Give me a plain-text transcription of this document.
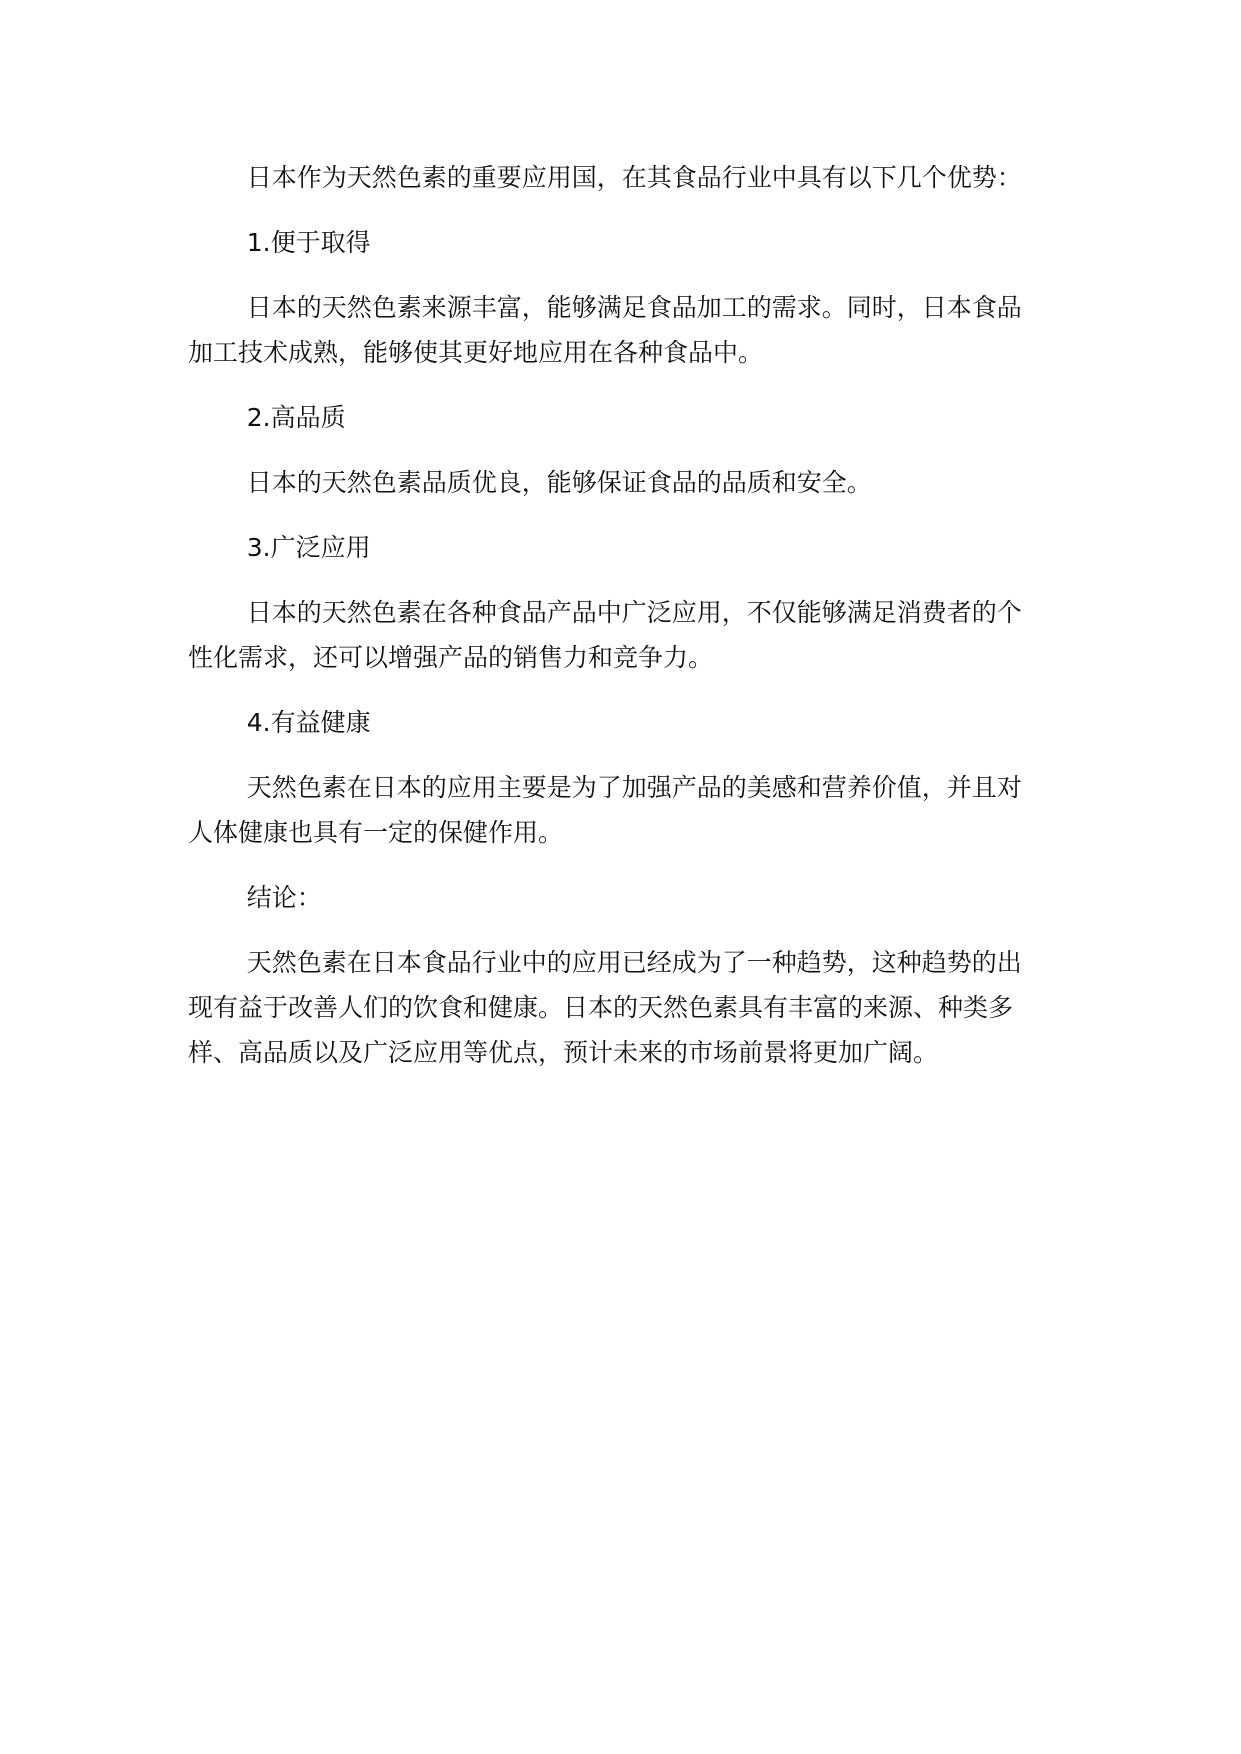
日本作为天然色素的重要应用国，在其食品行业中具有以下几个优势：

1.便于取得

日本的天然色素来源丰富，能够满足食品加工的需求。同时，日本食品加工技术成熟，能够使其更好地应用在各种食品中。

2.高品质

日本的天然色素品质优良，能够保证食品的品质和安全。

3.广泛应用

日本的天然色素在各种食品产品中广泛应用，不仅能够满足消费者的个性化需求，还可以增强产品的销售力和竞争力。

4.有益健康

天然色素在日本的应用主要是为了加强产品的美感和营养价值，并且对人体健康也具有一定的保健作用。

结论：

天然色素在日本食品行业中的应用已经成为了一种趋势，这种趋势的出现有益于改善人们的饮食和健康。日本的天然色素具有丰富的来源、种类多样、高品质以及广泛应用等优点，预计未来的市场前景将更加广阔。
